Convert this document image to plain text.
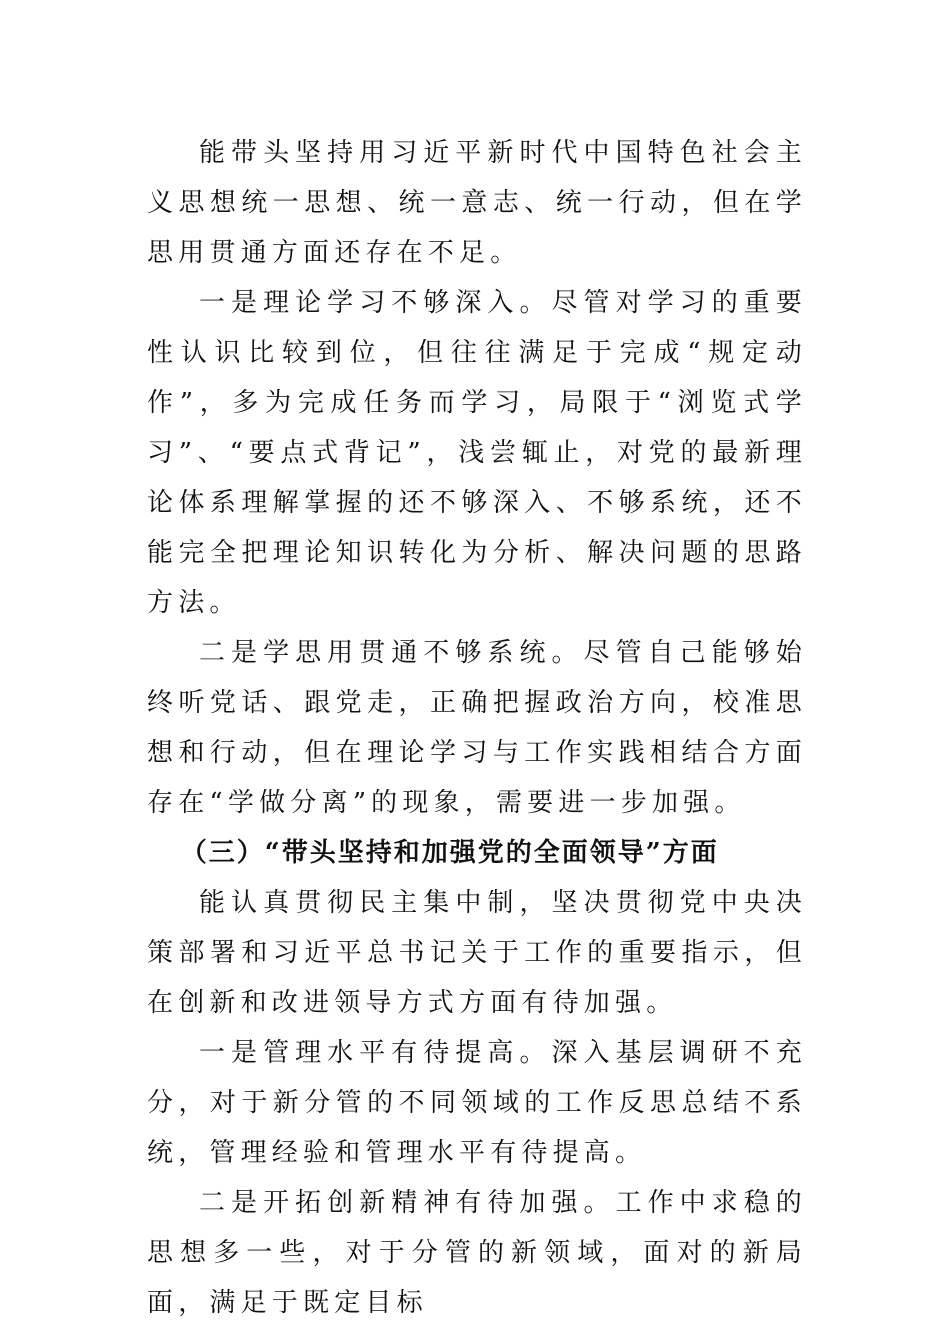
能带头坚持用习近平新时代中国特色社会主义思想统一思想、统一意志、统一行动，但在学思用贯通方面还存在不足。

一是理论学习不够深入。尽管对学习的重要性认识比较到位，但往往满足于完成“规定动作”，多为完成任务而学习，局限于“浏览式学习”、“要点式背记”，浅尝辄止，对党的最新理论体系理解掌握的还不够深入、不够系统，还不能完全把理论知识转化为分析、解决问题的思路方法。

二是学思用贯通不够系统。尽管自己能够始终听党话、跟党走，正确把握政治方向，校准思想和行动，但在理论学习与工作实践相结合方面存在“学做分离”的现象，需要进一步加强。

（三）“带头坚持和加强党的全面领导”方面

能认真贯彻民主集中制，坚决贯彻党中央决策部署和习近平总书记关于工作的重要指示，但在创新和改进领导方式方面有待加强。

一是管理水平有待提高。深入基层调研不充分，对于新分管的不同领域的工作反思总结不系统，管理经验和管理水平有待提高。

二是开拓创新精神有待加强。工作中求稳的思想多一些，对于分管的新领域，面对的新局面，满足于既定目标
